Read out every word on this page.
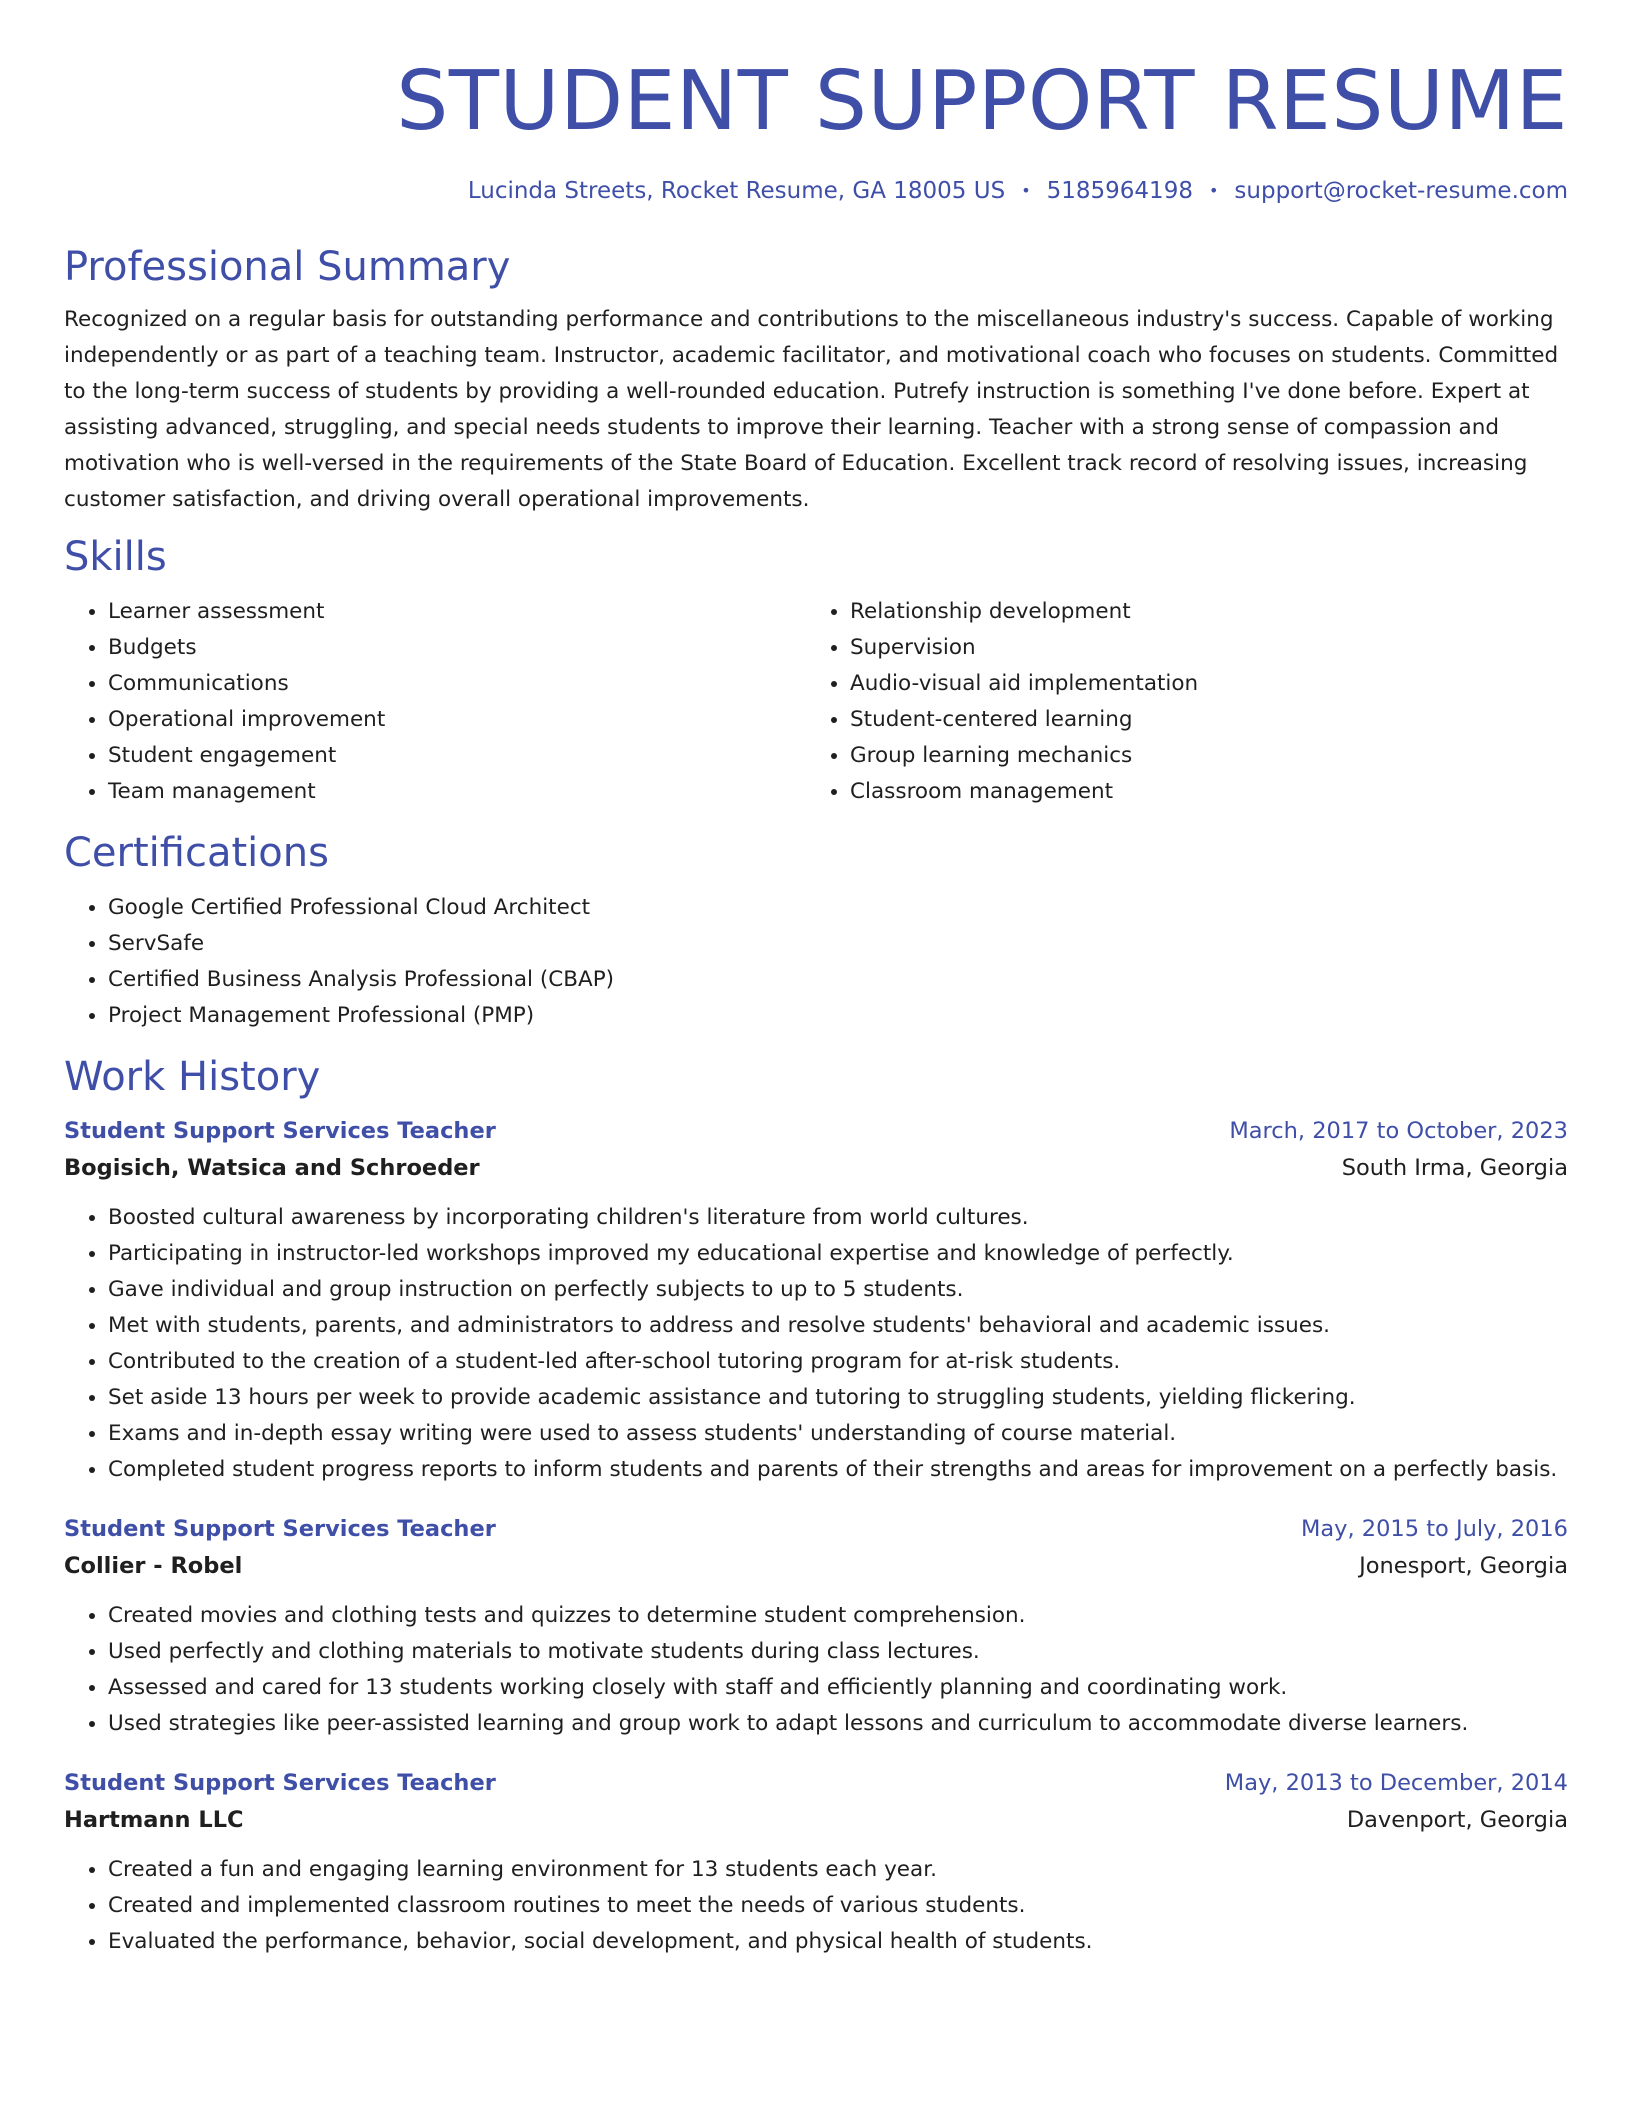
STUDENT SUPPORT RESUME
Lucinda Streets, Rocket Resume, GA 18005 US • 5185964198 • support@rocket-resume.com
Professional Summary

Recognized on a regular basis for outstanding performance and contributions to the miscellaneous industry's success. Capable of working independently or as part of a teaching team. Instructor, academic facilitator, and motivational coach who focuses on students. Committed to the long-term success of students by providing a well-rounded education. Putrefy instruction is something I've done before. Expert at assisting advanced, struggling, and special needs students to improve their learning. Teacher with a strong sense of compassion and motivation who is well-versed in the requirements of the State Board of Education. Excellent track record of resolving issues, increasing customer satisfaction, and driving overall operational improvements.

Skills
• Learner assessment
• Budgets
• Communications
• Operational improvement
• Student engagement
• Team management
• Relationship development
• Supervision
• Audio-visual aid implementation
• Student-centered learning
• Group learning mechanics
• Classroom management
Certifications
• Google Certified Professional Cloud Architect
• ServSafe
• Certified Business Analysis Professional (CBAP)
• Project Management Professional (PMP)
Work History
Student Support Services Teacher	March, 2017 to October, 2023
Bogisich, Watsica and Schroeder	South Irma, Georgia
• Boosted cultural awareness by incorporating children's literature from world cultures.
• Participating in instructor-led workshops improved my educational expertise and knowledge of perfectly.
• Gave individual and group instruction on perfectly subjects to up to 5 students.
• Met with students, parents, and administrators to address and resolve students' behavioral and academic issues.
• Contributed to the creation of a student-led after-school tutoring program for at-risk students.
• Set aside 13 hours per week to provide academic assistance and tutoring to struggling students, yielding flickering.
• Exams and in-depth essay writing were used to assess students' understanding of course material.
• Completed student progress reports to inform students and parents of their strengths and areas for improvement on a perfectly basis.
Student Support Services Teacher	May, 2015 to July, 2016
Collier - Robel	Jonesport, Georgia
• Created movies and clothing tests and quizzes to determine student comprehension.
• Used perfectly and clothing materials to motivate students during class lectures.
• Assessed and cared for 13 students working closely with staff and efficiently planning and coordinating work.
• Used strategies like peer-assisted learning and group work to adapt lessons and curriculum to accommodate diverse learners.
Student Support Services Teacher	May, 2013 to December, 2014
Hartmann LLC	Davenport, Georgia
• Created a fun and engaging learning environment for 13 students each year.
• Created and implemented classroom routines to meet the needs of various students.
• Evaluated the performance, behavior, social development, and physical health of students.
